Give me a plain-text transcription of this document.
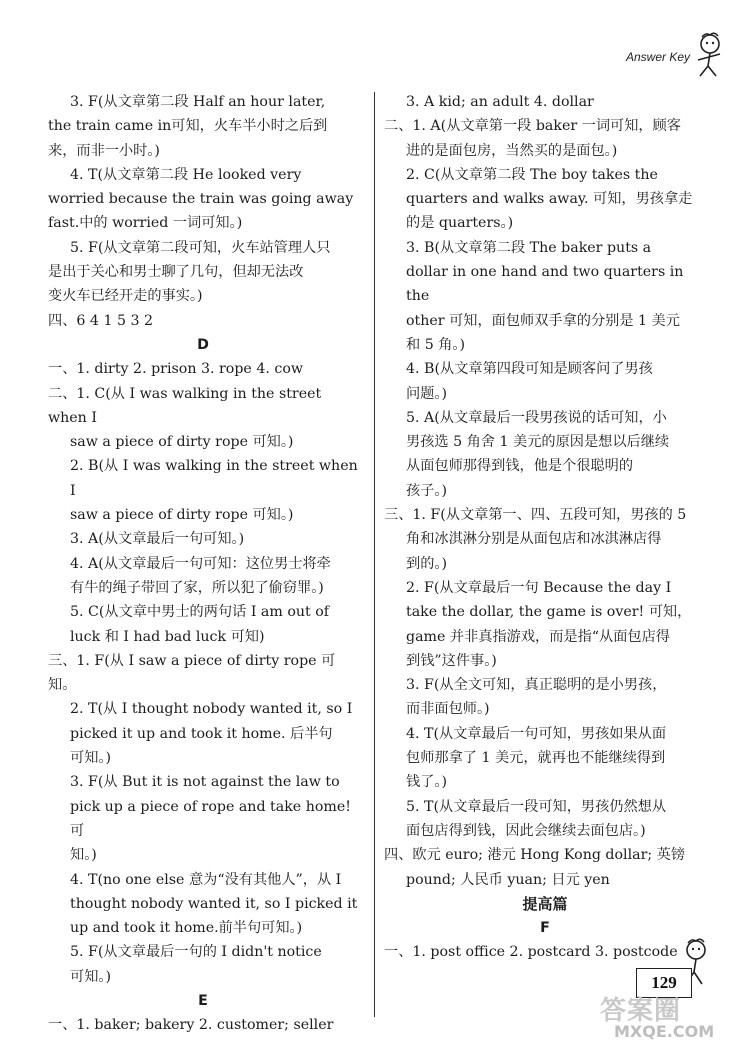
Answer Key

3. F(从文章第二段 Half an hour later,

the train came in可知，火车半小时之后到

来，而非一小时。)

4. T(从文章第二段 He looked very

worried because the train was going away

fast.中的 worried 一词可知。)

5. F(从文章第二段可知，火车站管理人只

是出于关心和男士聊了几句，但却无法改

变火车已经开走的事实。)

四、6 4 1 5 3 2

D

一、1. dirty 2. prison 3. rope 4. cow

二、1. C(从 I was walking in the street when I

saw a piece of dirty rope 可知。)

2. B(从 I was walking in the street when I

saw a piece of dirty rope 可知。)

3. A(从文章最后一句可知。)

4. A(从文章最后一句可知：这位男士将牵

有牛的绳子带回了家，所以犯了偷窃罪。)

5. C(从文章中男士的两句话 I am out of

luck 和 I had bad luck 可知)

三、1. F(从 I saw a piece of dirty rope 可知。

2. T(从 I thought nobody wanted it, so I

picked it up and took it home. 后半句

可知。)

3. F(从 But it is not against the law to

pick up a piece of rope and take home! 可

知。)

4. T(no one else 意为“没有其他人”，从 I

thought nobody wanted it, so I picked it

up and took it home.前半句可知。)

5. F(从文章最后一句的 I didn't notice

可知。)

E

一、1. baker; bakery 2. customer; seller

3. A kid; an adult 4. dollar

二、1. A(从文章第一段 baker 一词可知，顾客

进的是面包房，当然买的是面包。)

2. C(从文章第二段 The boy takes the

quarters and walks away. 可知，男孩拿走

的是 quarters。)

3. B(从文章第二段 The baker puts a

dollar in one hand and two quarters in the

other 可知，面包师双手拿的分别是 1 美元

和 5 角。)

4. B(从文章第四段可知是顾客问了男孩

问题。)

5. A(从文章最后一段男孩说的话可知，小

男孩选 5 角舍 1 美元的原因是想以后继续

从面包师那得到钱，他是个很聪明的

孩子。)

三、1. F(从文章第一、四、五段可知，男孩的 5

角和冰淇淋分别是从面包店和冰淇淋店得

到的。)

2. F(从文章最后一句 Because the day I

take the dollar, the game is over! 可知，

game 并非真指游戏，而是指“从面包店得

到钱”这件事。)

3. F(从全文可知，真正聪明的是小男孩，

而非面包师。)

4. T(从文章最后一句可知，男孩如果从面

包师那拿了 1 美元，就再也不能继续得到

钱了。)

5. T(从文章最后一段可知，男孩仍然想从

面包店得到钱，因此会继续去面包店。)

四、欧元 euro; 港元 Hong Kong dollar; 英镑

pound; 人民币 yuan; 日元 yen

提高篇

F

一、1. post office 2. postcard 3. postcode

129
答案圈
MXQE.COM
